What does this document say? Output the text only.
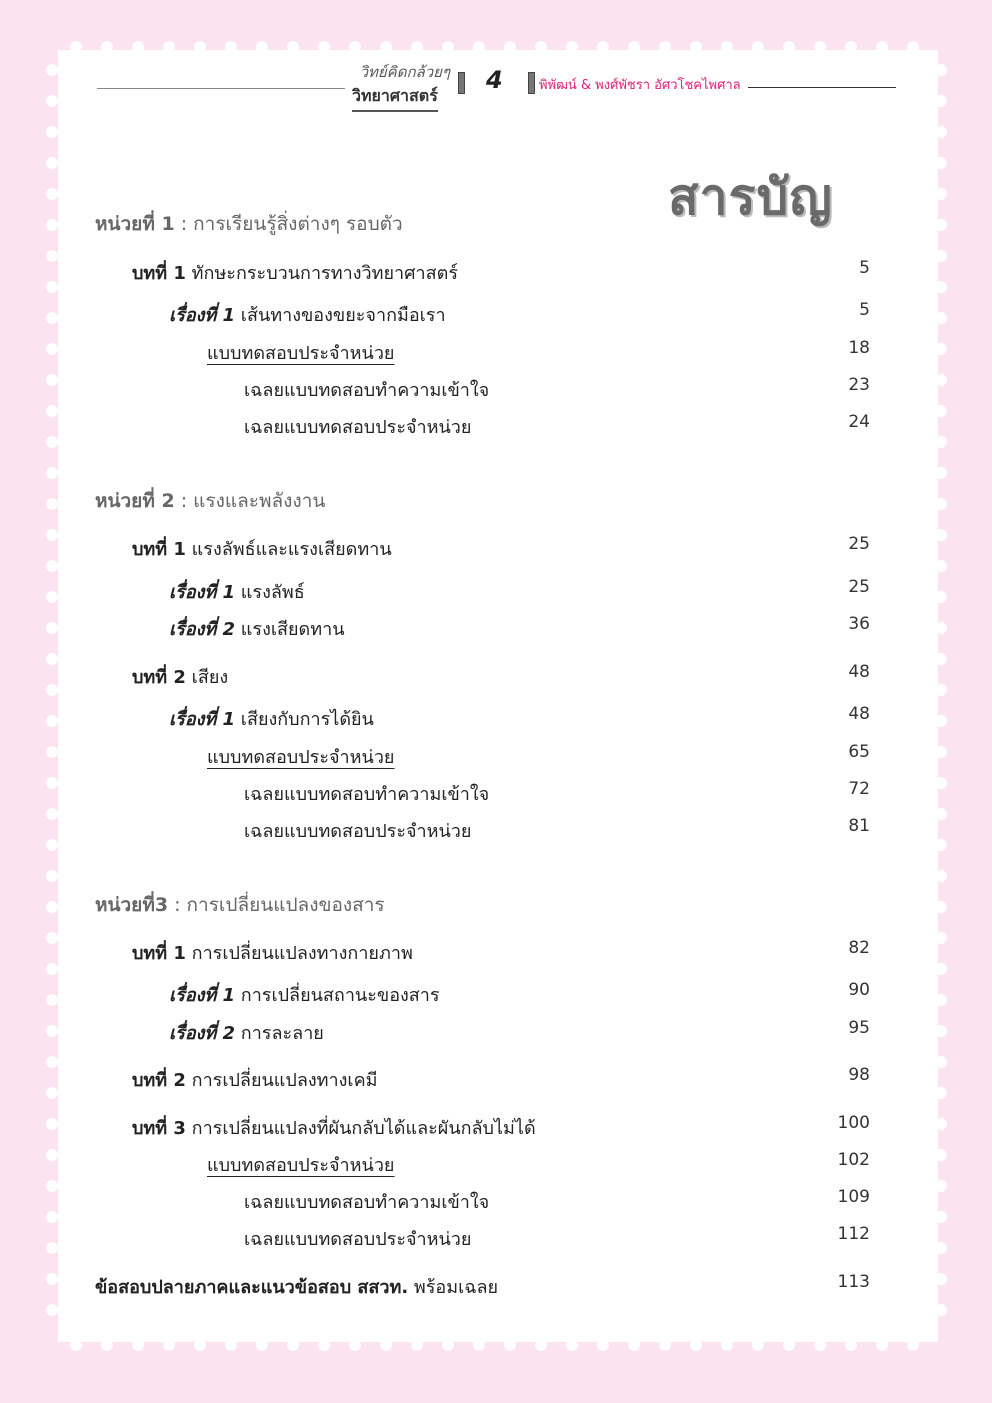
วิทย์คิดกล้วยๆ
วิทยาศาสตร์
4	พิพัฒน์ & พงศ์พัชรา อัศวโชคไพศาล
สารบัญ
หน่วยที่ 1 : การเรียนรู้สิ่งต่างๆ รอบตัว
บทที่ 1 ทักษะกระบวนการทางวิทยาศาสตร์	5
เรื่องที่ 1 เส้นทางของขยะจากมือเรา	5
แบบทดสอบประจำหน่วย	18
เฉลยแบบทดสอบทำความเข้าใจ	23
เฉลยแบบทดสอบประจำหน่วย	24
หน่วยที่ 2 : แรงและพลังงาน
บทที่ 1 แรงลัพธ์และแรงเสียดทาน	25
เรื่องที่ 1 แรงลัพธ์	25
เรื่องที่ 2 แรงเสียดทาน	36
บทที่ 2 เสียง	48
เรื่องที่ 1 เสียงกับการได้ยิน	48
แบบทดสอบประจำหน่วย	65
เฉลยแบบทดสอบทำความเข้าใจ	72
เฉลยแบบทดสอบประจำหน่วย	81
หน่วยที่3 : การเปลี่ยนแปลงของสาร
บทที่ 1 การเปลี่ยนแปลงทางกายภาพ	82
เรื่องที่ 1 การเปลี่ยนสถานะของสาร	90
เรื่องที่ 2 การละลาย	95
บทที่ 2 การเปลี่ยนแปลงทางเคมี	98
บทที่ 3 การเปลี่ยนแปลงที่ผันกลับได้และผันกลับไม่ได้	100
แบบทดสอบประจำหน่วย	102
เฉลยแบบทดสอบทำความเข้าใจ	109
เฉลยแบบทดสอบประจำหน่วย	112
ข้อสอบปลายภาคและแนวข้อสอบ สสวท. พร้อมเฉลย	113
